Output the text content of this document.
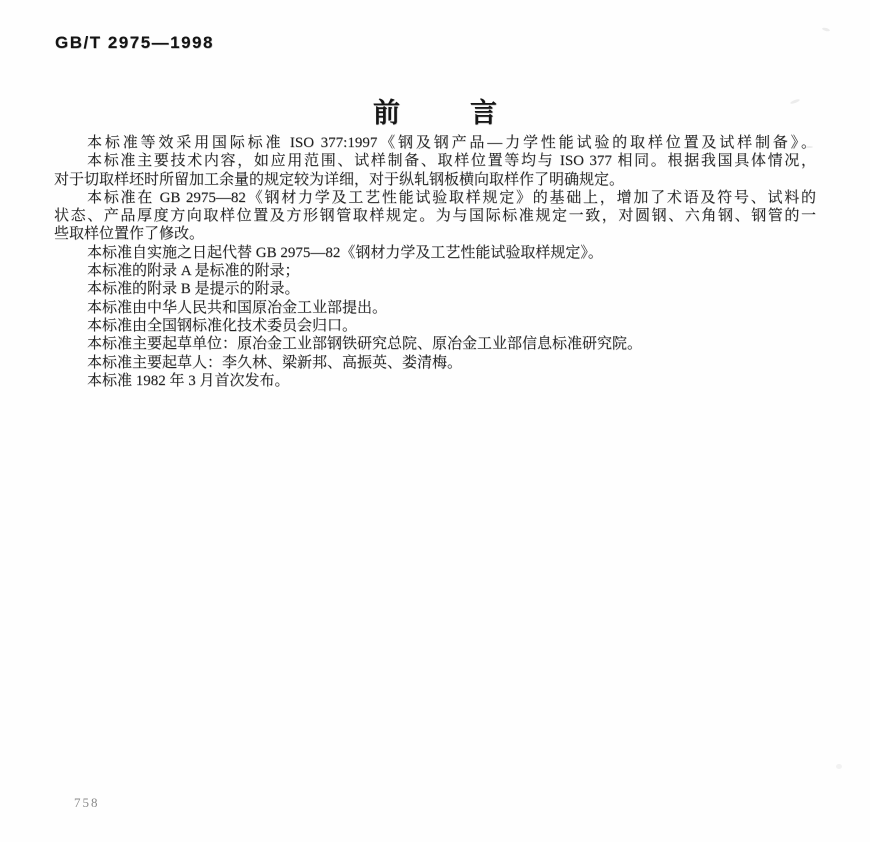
GB/T 2975—1998
前	言
本标准等效采用国际标准 ISO 377:1997《钢及钢产品—力学性能试验的取样位置及试样制备》。
本标准主要技术内容，如应用范围、试样制备、取样位置等均与 ISO 377 相同。根据我国具体情况，
对于切取样坯时所留加工余量的规定较为详细，对于纵轧钢板横向取样作了明确规定。
本标准在 GB 2975—82《钢材力学及工艺性能试验取样规定》的基础上，增加了术语及符号、试料的
状态、产品厚度方向取样位置及方形钢管取样规定。为与国际标准规定一致，对圆钢、六角钢、钢管的一
些取样位置作了修改。
本标准自实施之日起代替 GB 2975—82《钢材力学及工艺性能试验取样规定》。
本标准的附录 A 是标准的附录；
本标准的附录 B 是提示的附录。
本标准由中华人民共和国原冶金工业部提出。
本标准由全国钢标准化技术委员会归口。
本标准主要起草单位：原冶金工业部钢铁研究总院、原冶金工业部信息标准研究院。
本标准主要起草人：李久林、梁新邦、高振英、娄清梅。
本标准 1982 年 3 月首次发布。
758
